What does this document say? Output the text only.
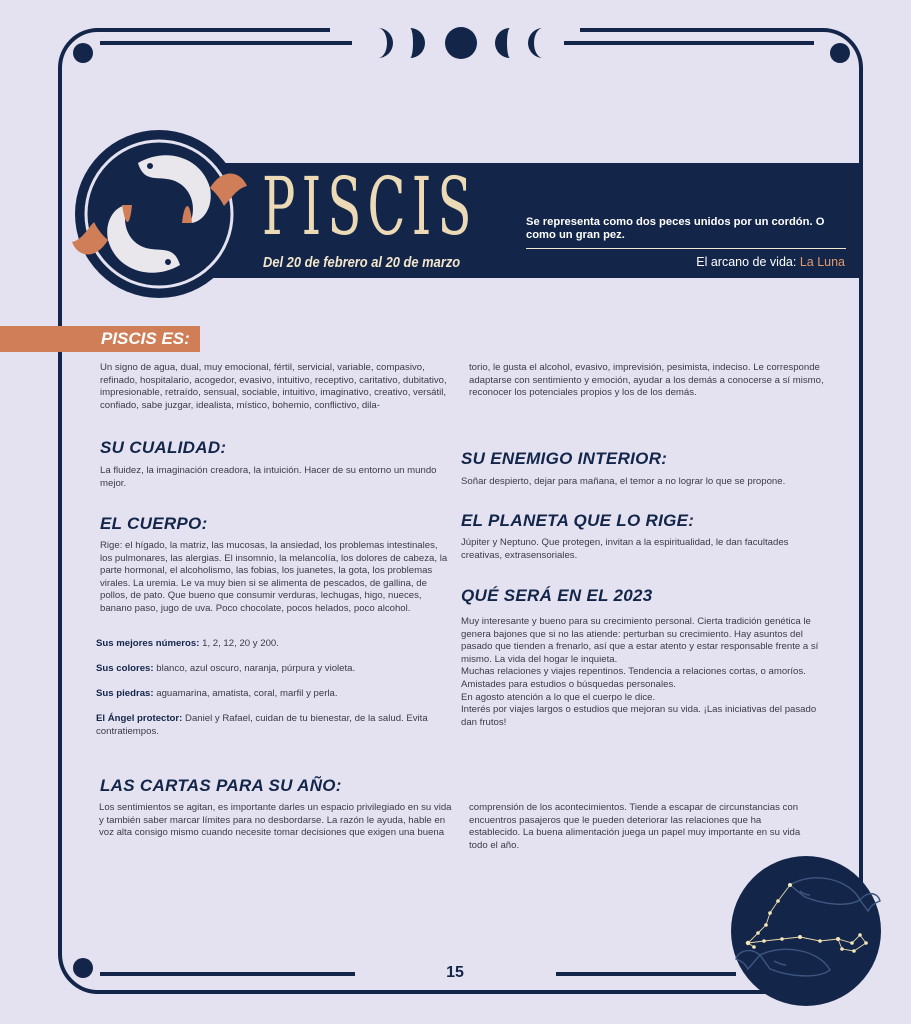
PISCIS
Del 20 de febrero al 20 de marzo
Se representa como dos peces unidos por un cordón. O como un gran pez.
El arcano de vida: La Luna
PISCIS ES:

Un signo de agua, dual, muy emocional, fértil, servicial, variable, compasivo, refinado, hospitalario, acogedor, evasivo, intuitivo, receptivo, caritativo, dubitativo, impresionable, retraído, sensual, sociable, intuitivo, imaginativo, creativo, versátil, confiado, sabe juzgar, idealista, místico, bohemio, conflictivo, dila-

torio, le gusta el alcohol, evasivo, imprevisión, pesimista, indeciso. Le corresponde adaptarse con sentimiento y emoción, ayudar a los demás a conocerse a sí mismo, reconocer los potenciales propios y los de los demás.

SU CUALIDAD:

La fluidez, la imaginación creadora, la intuición. Hacer de su entorno un mundo mejor.

EL CUERPO:

Rige: el hígado, la matriz, las mucosas, la ansiedad, los problemas intestinales, los pulmonares, las alergias. El insomnio, la melancolía, los dolores de cabeza, la parte hormonal, el alcoholismo, las fobias, los juanetes, la gota, los problemas virales. La uremia. Le va muy bien si se alimenta de pescados, de gallina, de pollos, de pato. Que bueno que consumir verduras, lechugas, higo, nueces, banano paso, jugo de uva. Poco chocolate, pocos helados, poco alcohol.

Sus mejores números: 1, 2, 12, 20 y 200.

Sus colores: blanco, azul oscuro, naranja, púrpura y violeta.

Sus piedras: aguamarina, amatista, coral, marfil y perla.

El Ángel protector: Daniel y Rafael, cuidan de tu bienestar, de la salud. Evita contratiempos.

SU ENEMIGO INTERIOR:

Soñar despierto, dejar para mañana, el temor a no lograr lo que se propone.

EL PLANETA QUE LO RIGE:

Júpiter y Neptuno. Que protegen, invitan a la espiritualidad, le dan facultades creativas, extrasensoriales.

QUÉ SERÁ EN EL 2023

Muy interesante y bueno para su crecimiento personal. Cierta tradición genética le genera bajones que si no las atiende: perturban su crecimiento. Hay asuntos del pasado que tienden a frenarlo, así que a estar atento y estar responsable frente a sí mismo. La vida del hogar le inquieta.

Muchas relaciones y viajes repentinos. Tendencia a relaciones cortas, o amoríos. Amistades para estudios o búsquedas personales.

En agosto atención a lo que el cuerpo le dice.

Interés por viajes largos o estudios que mejoran su vida. ¡Las iniciativas del pasado dan frutos!

LAS CARTAS PARA SU AÑO:

Los sentimientos se agitan, es importante darles un espacio privilegiado en su vida y también saber marcar límites para no desbordarse. La razón le ayuda, hable en voz alta consigo mismo cuando necesite tomar decisiones que exigen una buena

comprensión de los acontecimientos. Tiende a escapar de circunstancias con encuentros pasajeros que le pueden deteriorar las relaciones que ha establecido. La buena alimentación juega un papel muy importante en su vida todo el año.

15
